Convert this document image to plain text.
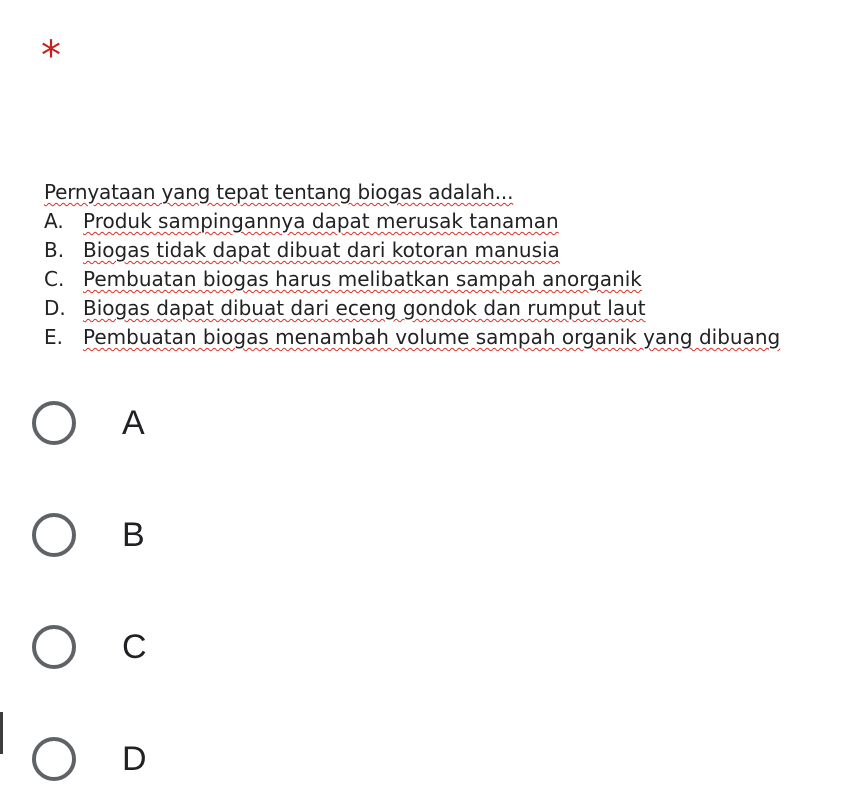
*
Pernyataan yang tepat tentang biogas adalah...
A. Produk sampingannya dapat merusak tanaman
B. Biogas tidak dapat dibuat dari kotoran manusia
C. Pembuatan biogas harus melibatkan sampah anorganik
D. Biogas dapat dibuat dari eceng gondok dan rumput laut
E.	Pembuatan biogas menambah volume sampah organik yang dibuang
A
B
C
D
